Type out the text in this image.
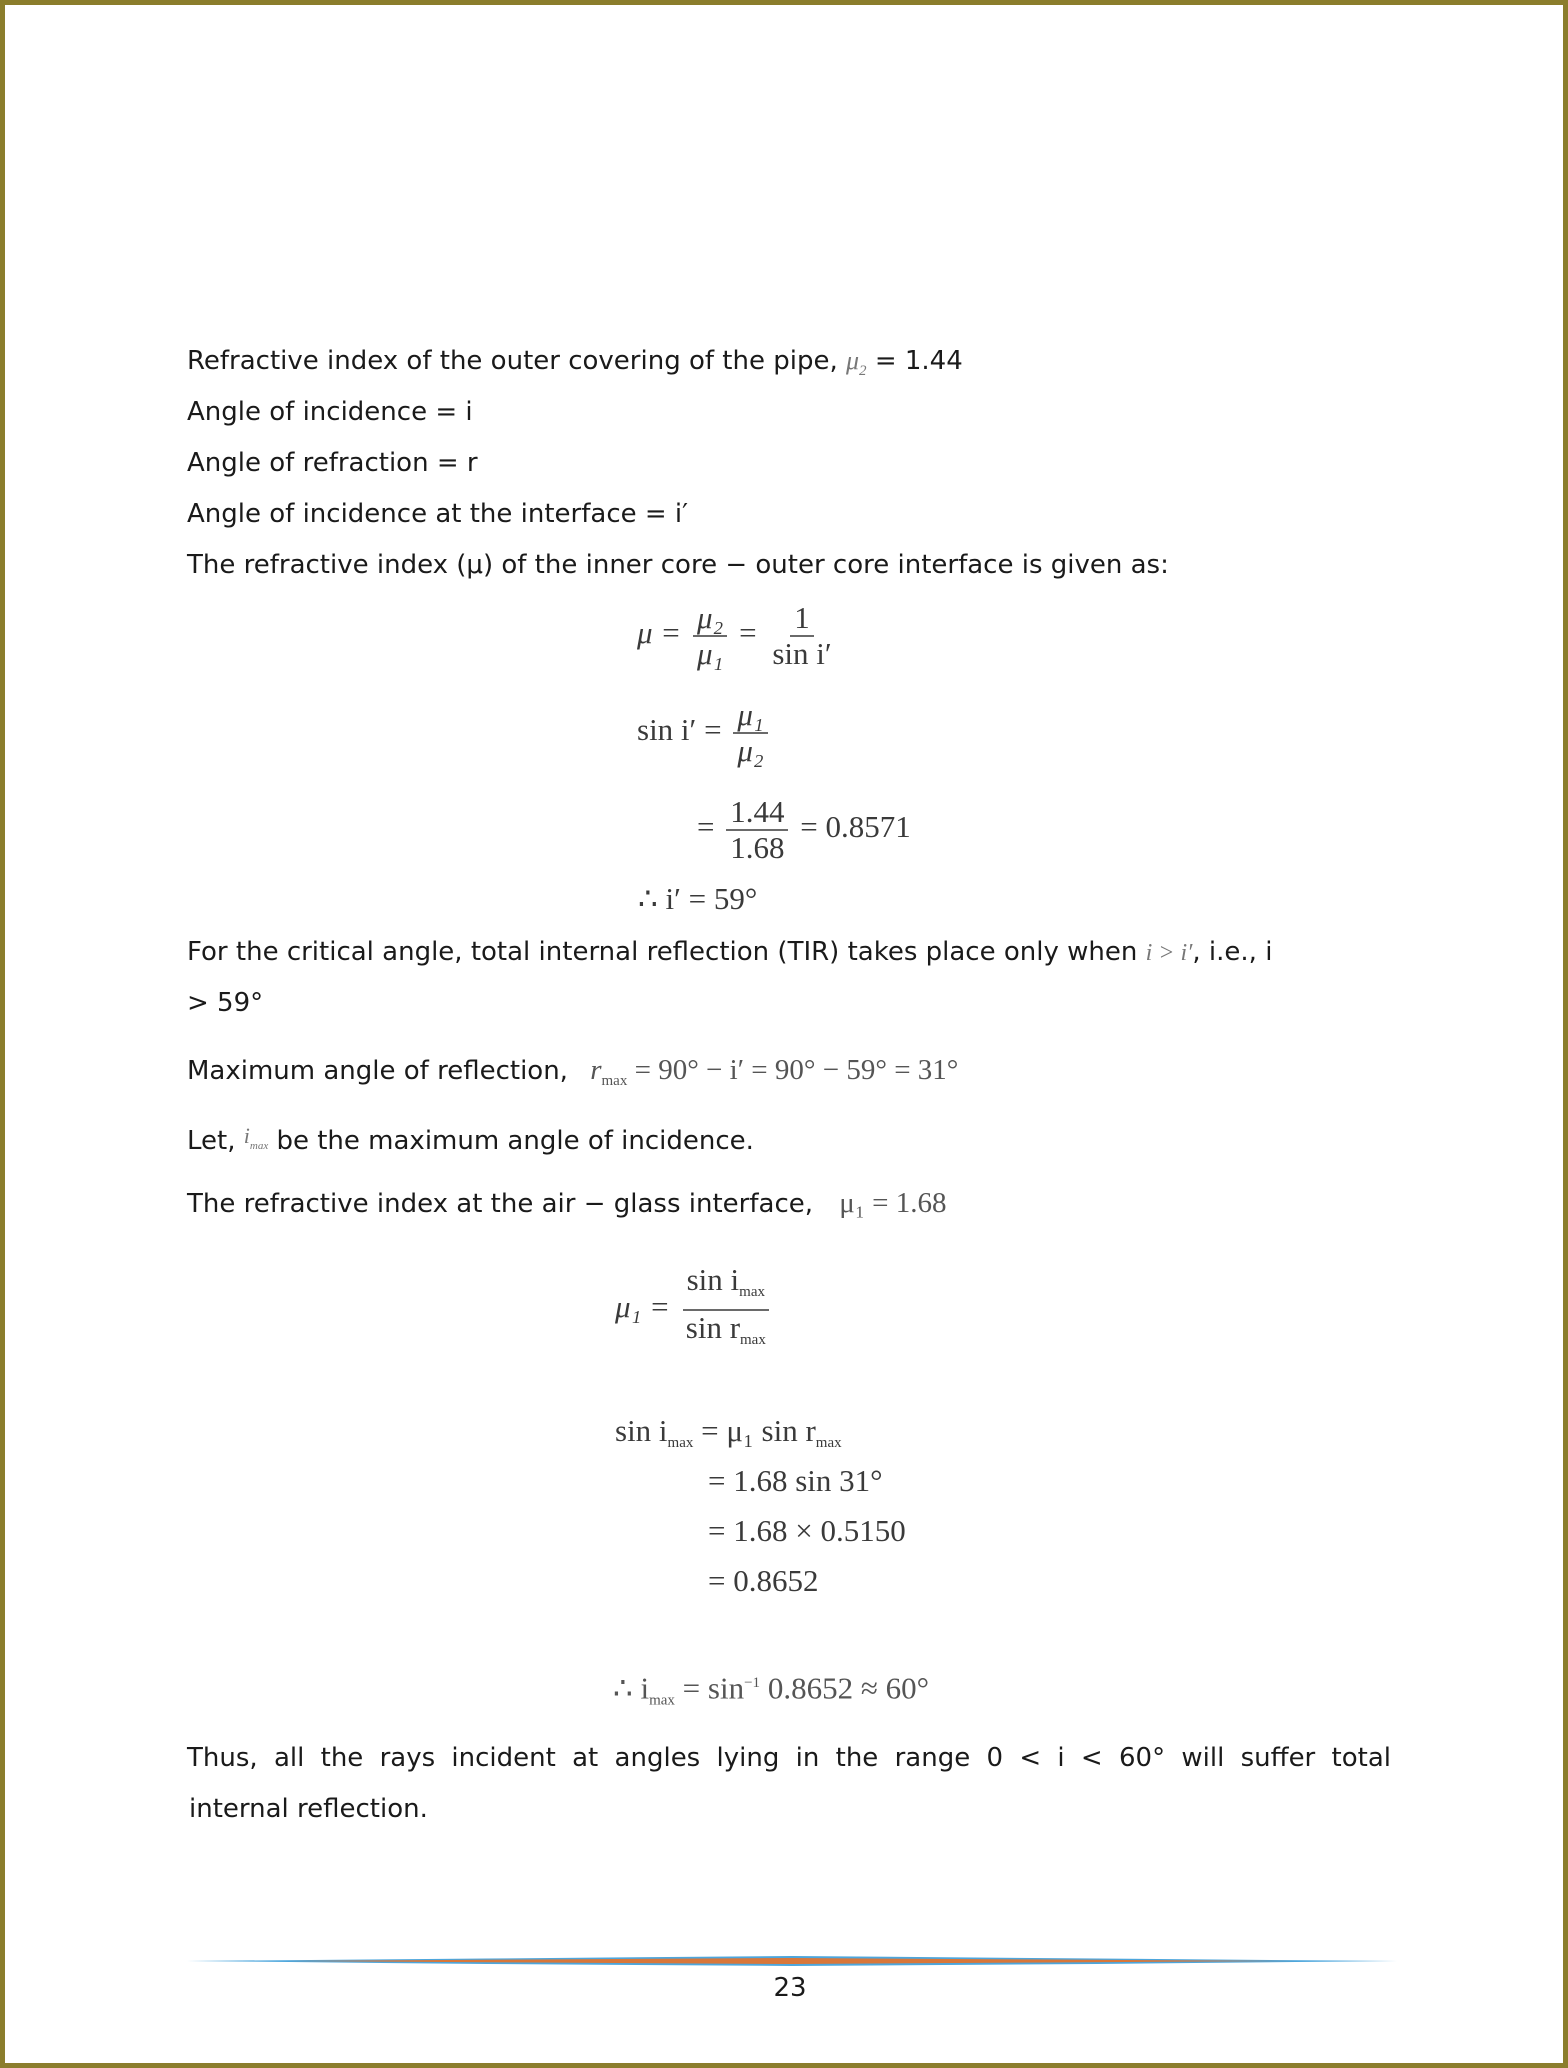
Refractive index of the outer covering of the pipe, $\mu_2 = 1.44$
Angle of incidence = i
Angle of refraction = r
Angle of incidence at the interface = i′
The refractive index (μ) of the inner core − outer core interface is given as:
$\mu = \frac{\text{μ₂}}{\text{μ₁}} = \frac{1}{\text{sin i′}}$
$\sin i' = \frac{\text{μ₁}}{\text{μ₂}}$
= $\frac{1.44}{1.68} = 0.8571$
∴ i′ = 59°
For the critical angle, total internal reflection (TIR) takes place only when i > i′, i.e., i
> 59°
Maximum angle of reflection, $r_{max} = 90^\circ - i' = 90^\circ - 59^\circ = 31^\circ$
Let, $^{i_{max}}$ be the maximum angle of incidence.
The refractive index at the air − glass interface, μ₁ = 1.68
$\mu_1 = \frac{\sin i_{max}}{\sin r_{max}}$
$\sin i_{max} = \mu_1$ $\sin r_{max}$
= 1.68 sin 31°
= 1.68 × 0.5150
= 0.8652
∴ $i_{max} = \sin^{-1} 0.8652 \approx 60^\circ$
Thus, all the rays incident at angles lying in the range 0 < i < 60° will suffer total
internal reflection.
23
